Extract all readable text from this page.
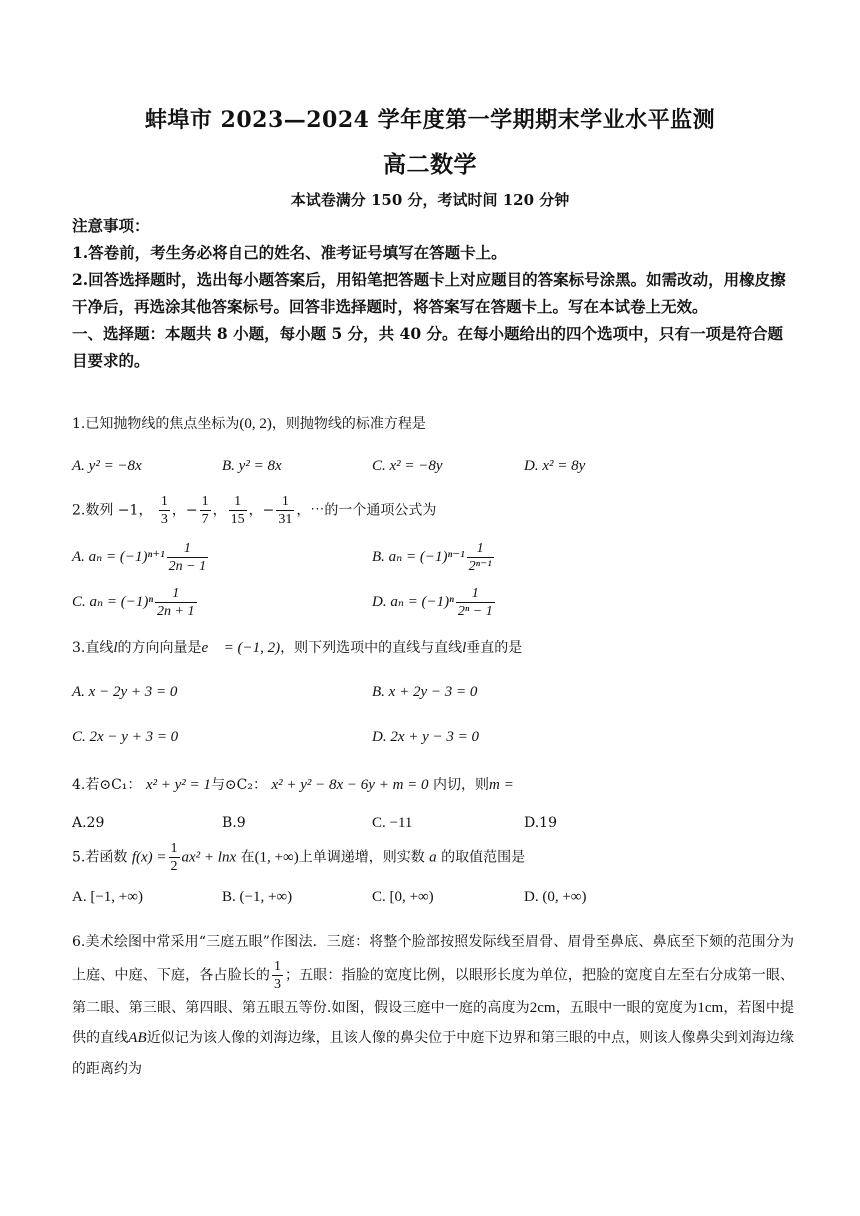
蚌埠市 2023—2024 学年度第一学期期末学业水平监测
高二数学
本试卷满分 150 分，考试时间 120 分钟

注意事项：

1.答卷前，考生务必将自己的姓名、准考证号填写在答题卡上。

2.回答选择题时，选出每小题答案后，用铅笔把答题卡上对应题目的答案标号涂黑。如需改动，用橡皮擦干净后，再选涂其他答案标号。回答非选择题时，将答案写在答题卡上。写在本试卷上无效。

一、选择题：本题共 8 小题，每小题 5 分，共 40 分。在每小题给出的四个选项中，只有一项是符合题目要求的。

1.已知抛物线的焦点坐标为(0, 2)，则抛物线的标准方程是

A. y² = −8x	B. y² = 8x	C. x² = −8y	D. x² = 8y
2.数列 −1， $\frac{1}{3}$ ，− $\frac{1}{7}$ ， $\frac{1}{15}$ ，− $\frac{1}{31}$ ，⋯的一个通项公式为
A. $a_n = (-1)^{n+1} \frac{1}{2n - 1}$	B. $a_n = (-1)^{n-1} \frac{1}{\text{2ⁿ⁻¹}}$
C. $a_n = (-1)^n \frac{1}{2n + 1}$	D. $a_n = (-1)^n \frac{1}{\text{2ⁿ − 1}}$
3.直线l的方向向量是e⃗ = (−1, 2)，则下列选项中的直线与直线l垂直的是
A. x − 2y + 3 = 0	B. x + 2y − 3 = 0
C. 2x − y + 3 = 0	D. 2x + y − 3 = 0
4.若⊙C₁： x² + y² = 1与⊙C₂： x² + y² − 8x − 6y + m = 0 内切，则m =
A.29	B.9	C. −11	D.19
5.若函数 $f(x) = \frac{1}{2} ax^2 + \ln x$ 在(1, +∞)上单调递增，则实数 a 的取值范围是
A. [−1, +∞)	B. (−1, +∞)	C. [0, +∞)	D. (0, +∞)

6.美术绘图中常采用“三庭五眼”作图法．三庭：将整个脸部按照发际线至眉骨、眉骨至鼻底、鼻底至下颏的范围分为上庭、中庭、下庭，各占脸长的 $\frac{1}{3}$ ；五眼：指脸的宽度比例，以眼形长度为单位，把脸的宽度自左至右分成第一眼、第二眼、第三眼、第四眼、第五眼五等份.如图，假设三庭中一庭的高度为2cm，五眼中一眼的宽度为1cm，若图中提供的直线AB近似记为该人像的刘海边缘，且该人像的鼻尖位于中庭下边界和第三眼的中点，则该人像鼻尖到刘海边缘的距离约为
